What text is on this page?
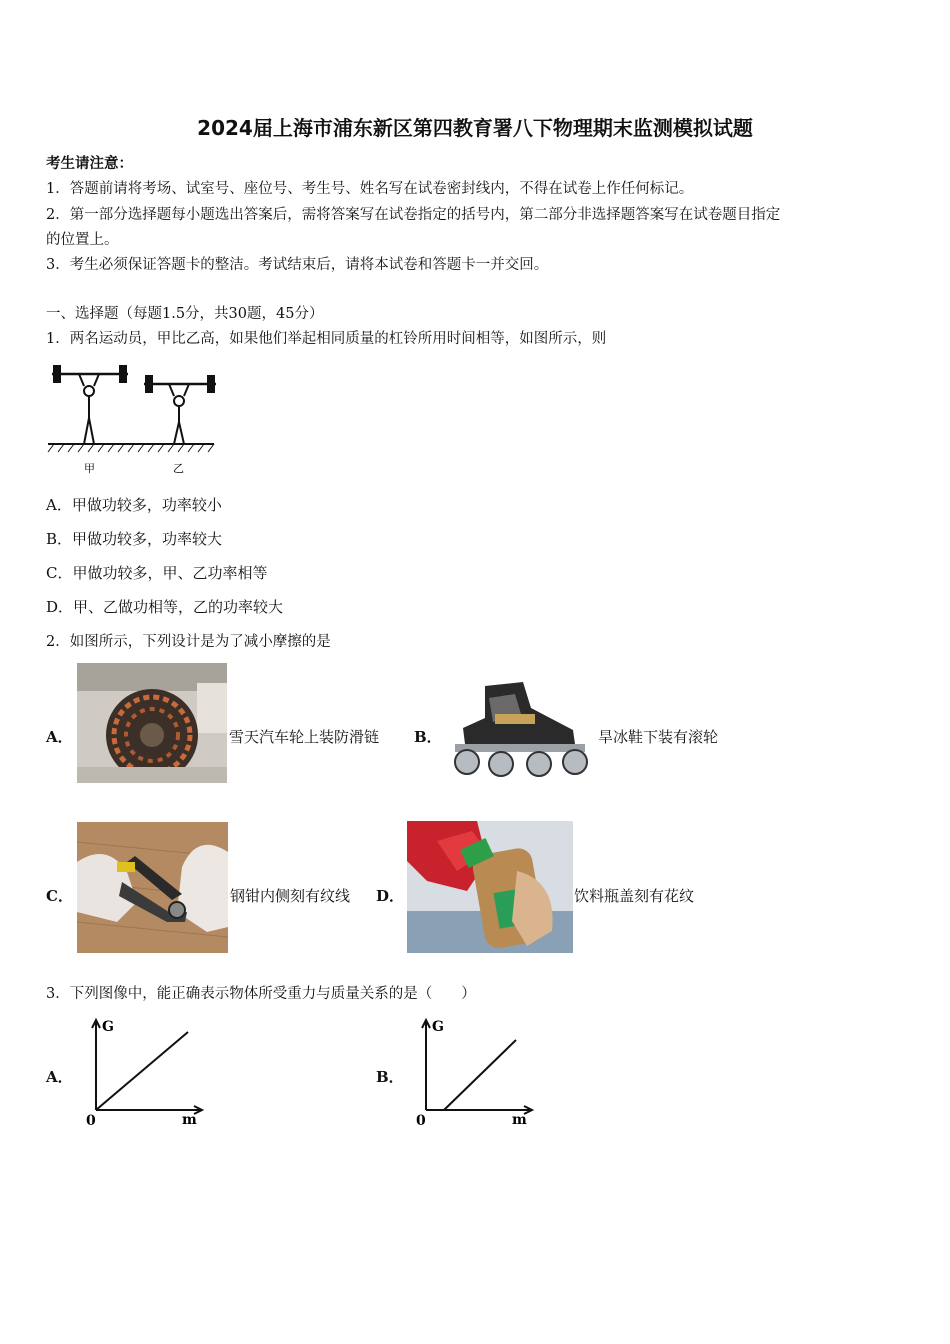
2024届上海市浦东新区第四教育署八下物理期末监测模拟试题
考生请注意：
1．答题前请将考场、试室号、座位号、考生号、姓名写在试卷密封线内，不得在试卷上作任何标记。
2．第一部分选择题每小题选出答案后，需将答案写在试卷指定的括号内，第二部分非选择题答案写在试卷题目指定
的位置上。
3．考生必须保证答题卡的整洁。考试结束后，请将本试卷和答题卡一并交回。
一、选择题（每题1.5分，共30题，45分）
1．两名运动员，甲比乙高，如果他们举起相同质量的杠铃所用时间相等，如图所示，则
甲	乙
A．甲做功较多，功率较小
B．甲做功较多，功率较大
C．甲做功较多，甲、乙功率相等
D．甲、乙做功相等，乙的功率较大
2．如图所示，下列设计是为了减小摩擦的是
A．	雪天汽车轮上装防滑链 B．	旱冰鞋下装有滚轮
C．	钢钳内侧刻有纹线 D．	饮料瓶盖刻有花纹
3．下列图像中，能正确表示物体所受重力与质量关系的是（　　）
A．
G
m
0
B．
G
m
0
